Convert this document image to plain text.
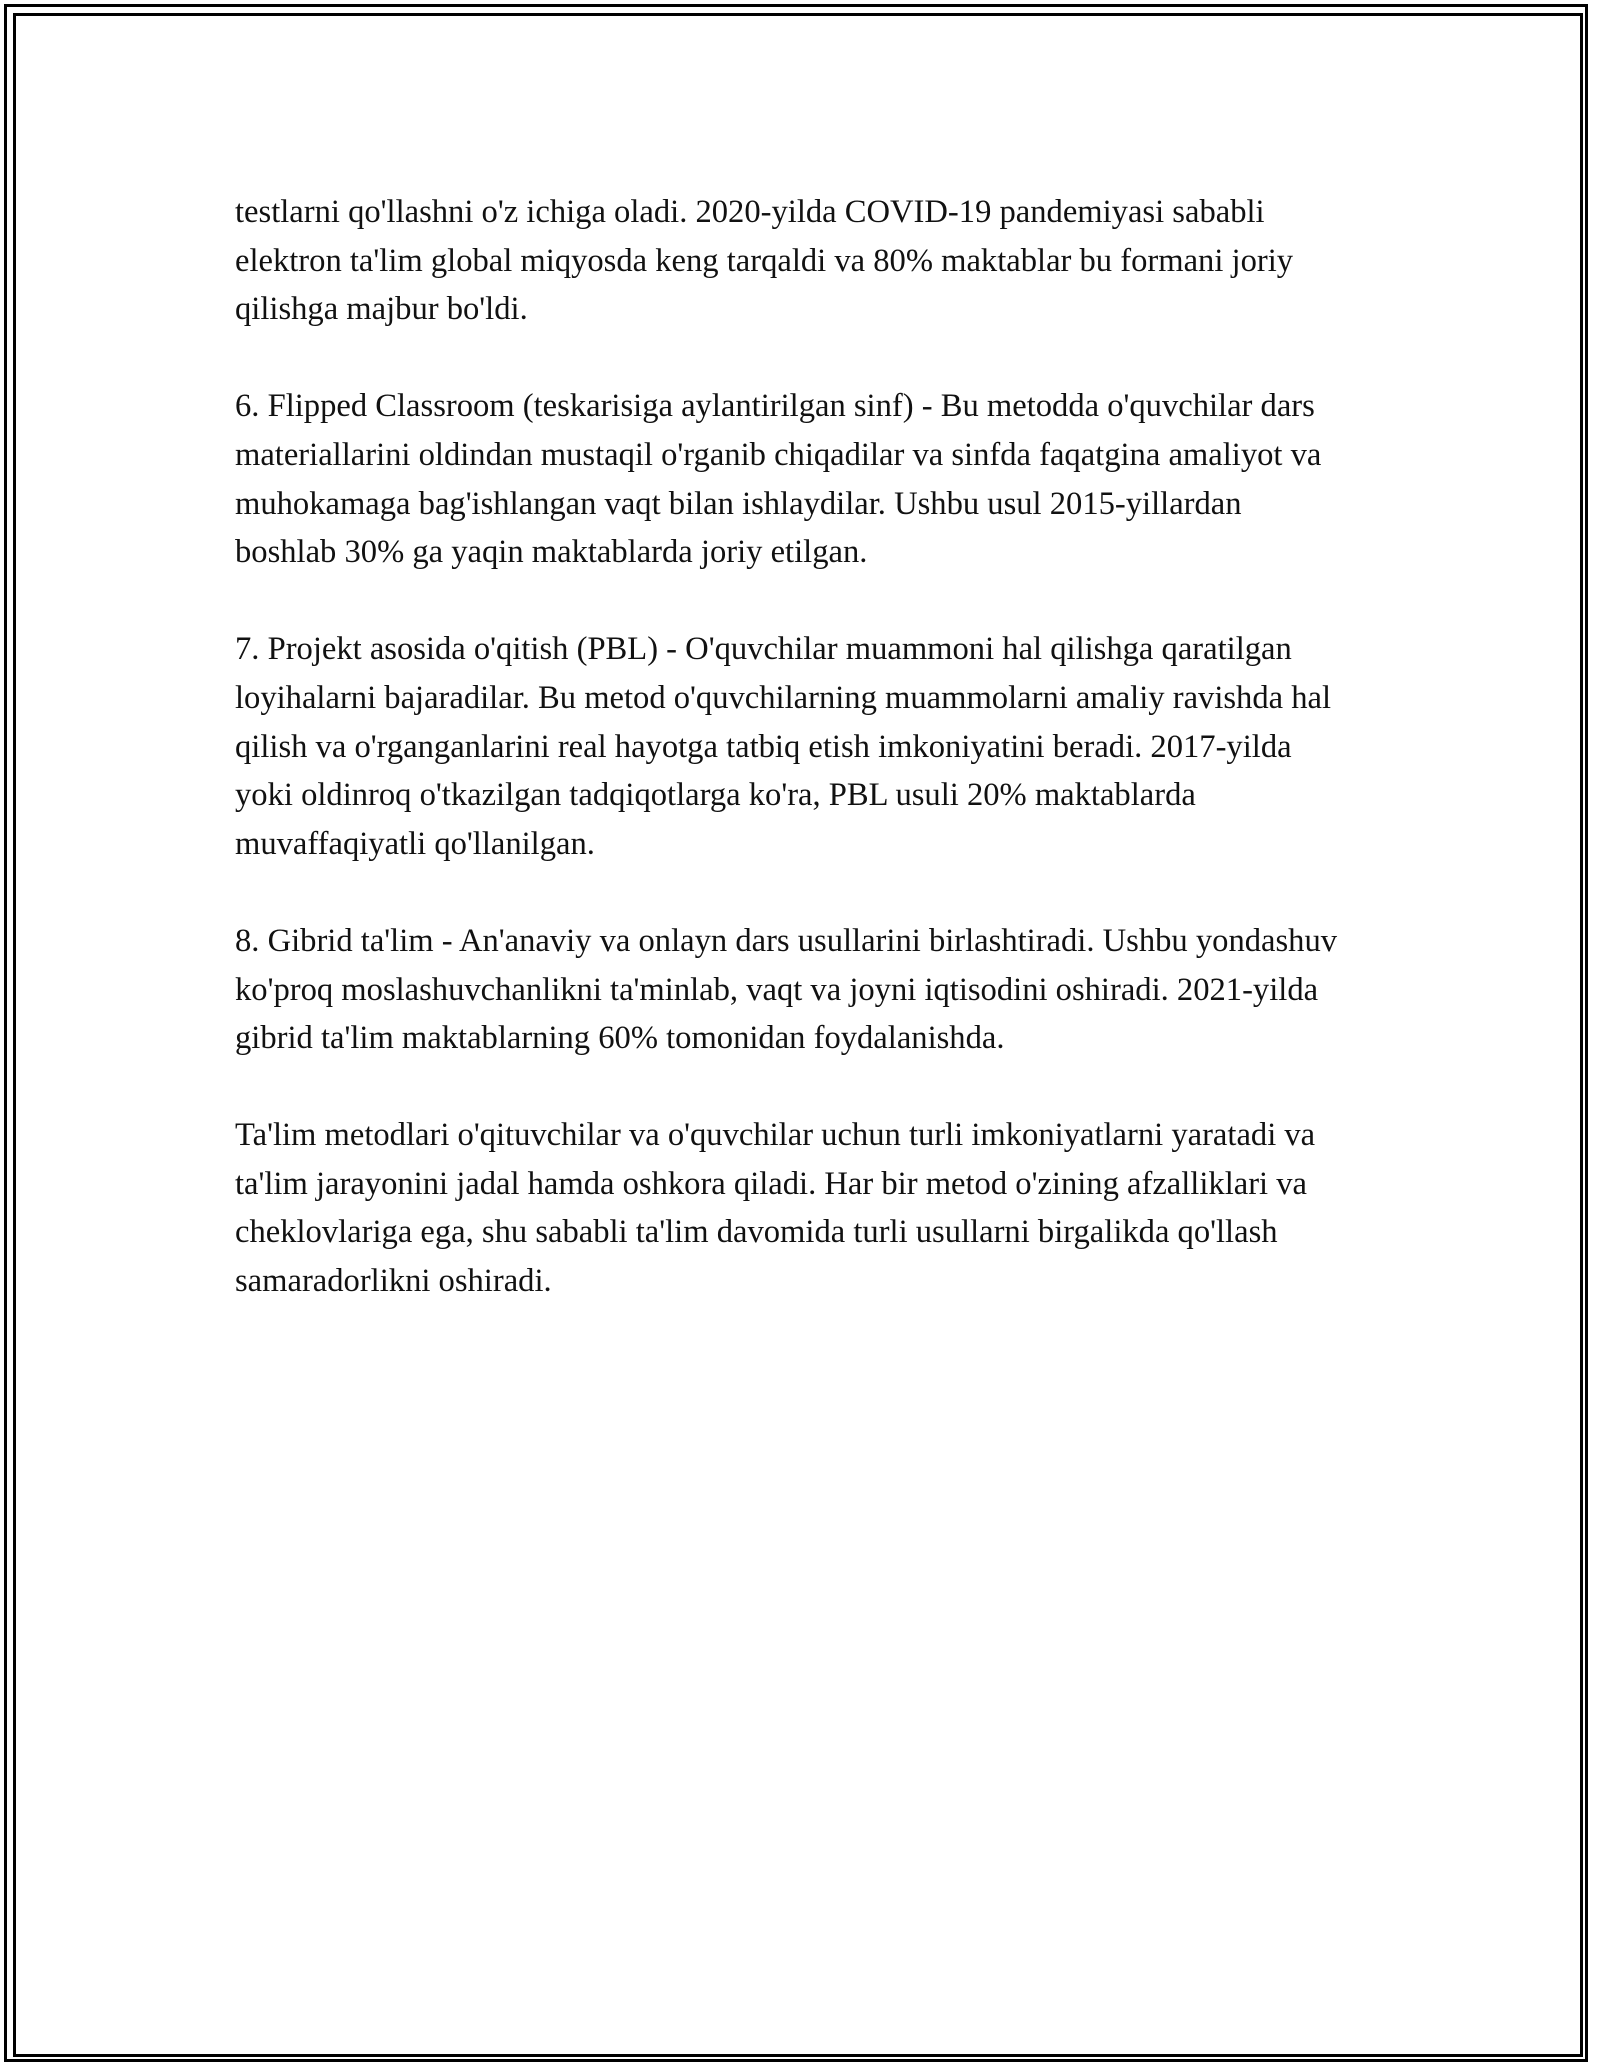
testlarni qo'llashni o'z ichiga oladi. 2020-yilda COVID-19 pandemiyasi sababli elektron ta'lim global miqyosda keng tarqaldi va 80% maktablar bu formani joriy qilishga majbur bo'ldi.

6. Flipped Classroom (teskarisiga aylantirilgan sinf) - Bu metodda o'quvchilar dars materiallarini oldindan mustaqil o'rganib chiqadilar va sinfda faqatgina amaliyot va muhokamaga bag'ishlangan vaqt bilan ishlaydilar. Ushbu usul 2015-yillardan boshlab 30% ga yaqin maktablarda joriy etilgan.

7. Projekt asosida o'qitish (PBL) - O'quvchilar muammoni hal qilishga qaratilgan loyihalarni bajaradilar. Bu metod o'quvchilarning muammolarni amaliy ravishda hal qilish va o'rganganlarini real hayotga tatbiq etish imkoniyatini beradi. 2017-yilda yoki oldinroq o'tkazilgan tadqiqotlarga ko'ra, PBL usuli 20% maktablarda muvaffaqiyatli qo'llanilgan.

8. Gibrid ta'lim - An'anaviy va onlayn dars usullarini birlashtiradi. Ushbu yondashuv ko'proq moslashuvchanlikni ta'minlab, vaqt va joyni iqtisodini oshiradi. 2021-yilda gibrid ta'lim maktablarning 60% tomonidan foydalanishda.

Ta'lim metodlari o'qituvchilar va o'quvchilar uchun turli imkoniyatlarni yaratadi va ta'lim jarayonini jadal hamda oshkora qiladi. Har bir metod o'zining afzalliklari va cheklovlariga ega, shu sababli ta'lim davomida turli usullarni birgalikda qo'llash samaradorlikni oshiradi.
